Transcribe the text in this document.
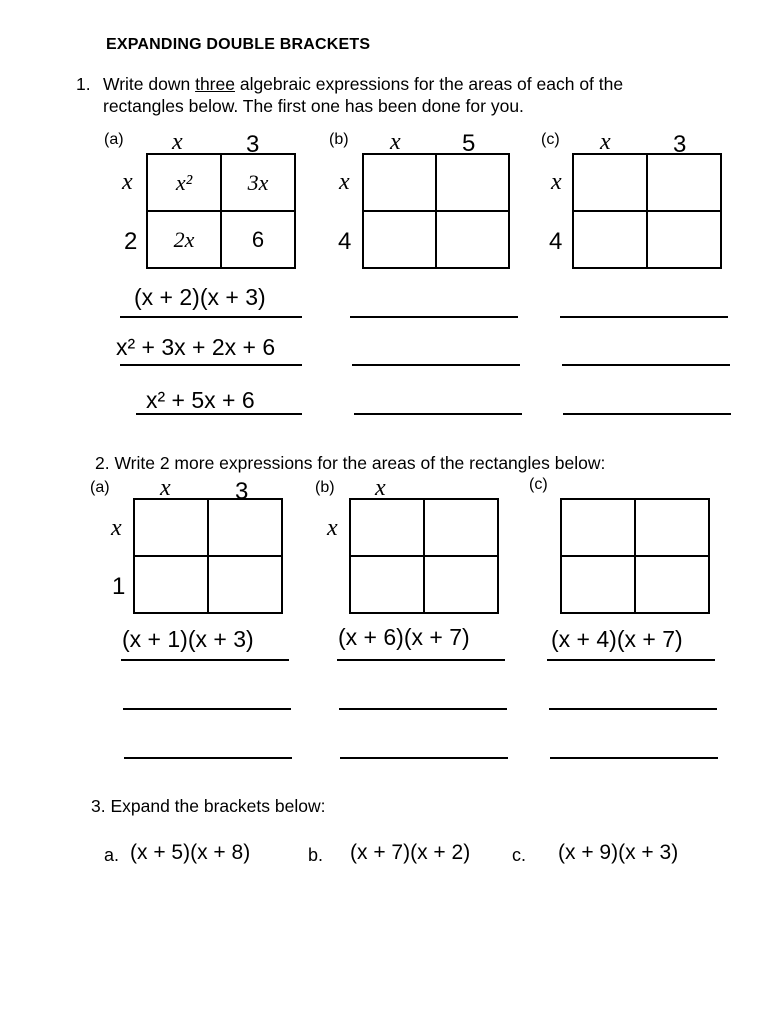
EXPANDING DOUBLE BRACKETS
1. Write down three algebraic expressions for the areas of each of the
rectangles below. The first one has been done for you.
(a) x	3
x
2
x²	3x
2x	6
(x + 2)(x + 3)
x² + 3x + 2x + 6
x² + 5x + 6
(b) x	5
x
4
(c) x	3
x
4
2. Write 2 more expressions for the areas of the rectangles below:
(a) x	3
x
1
(x + 1)(x + 3)
(b) x
x
(x + 6)(x + 7)
(c)
(x + 4)(x + 7)
3. Expand the brackets below:
a. (x + 5)(x + 8)	b. (x + 7)(x + 2) c. (x + 9)(x + 3)
